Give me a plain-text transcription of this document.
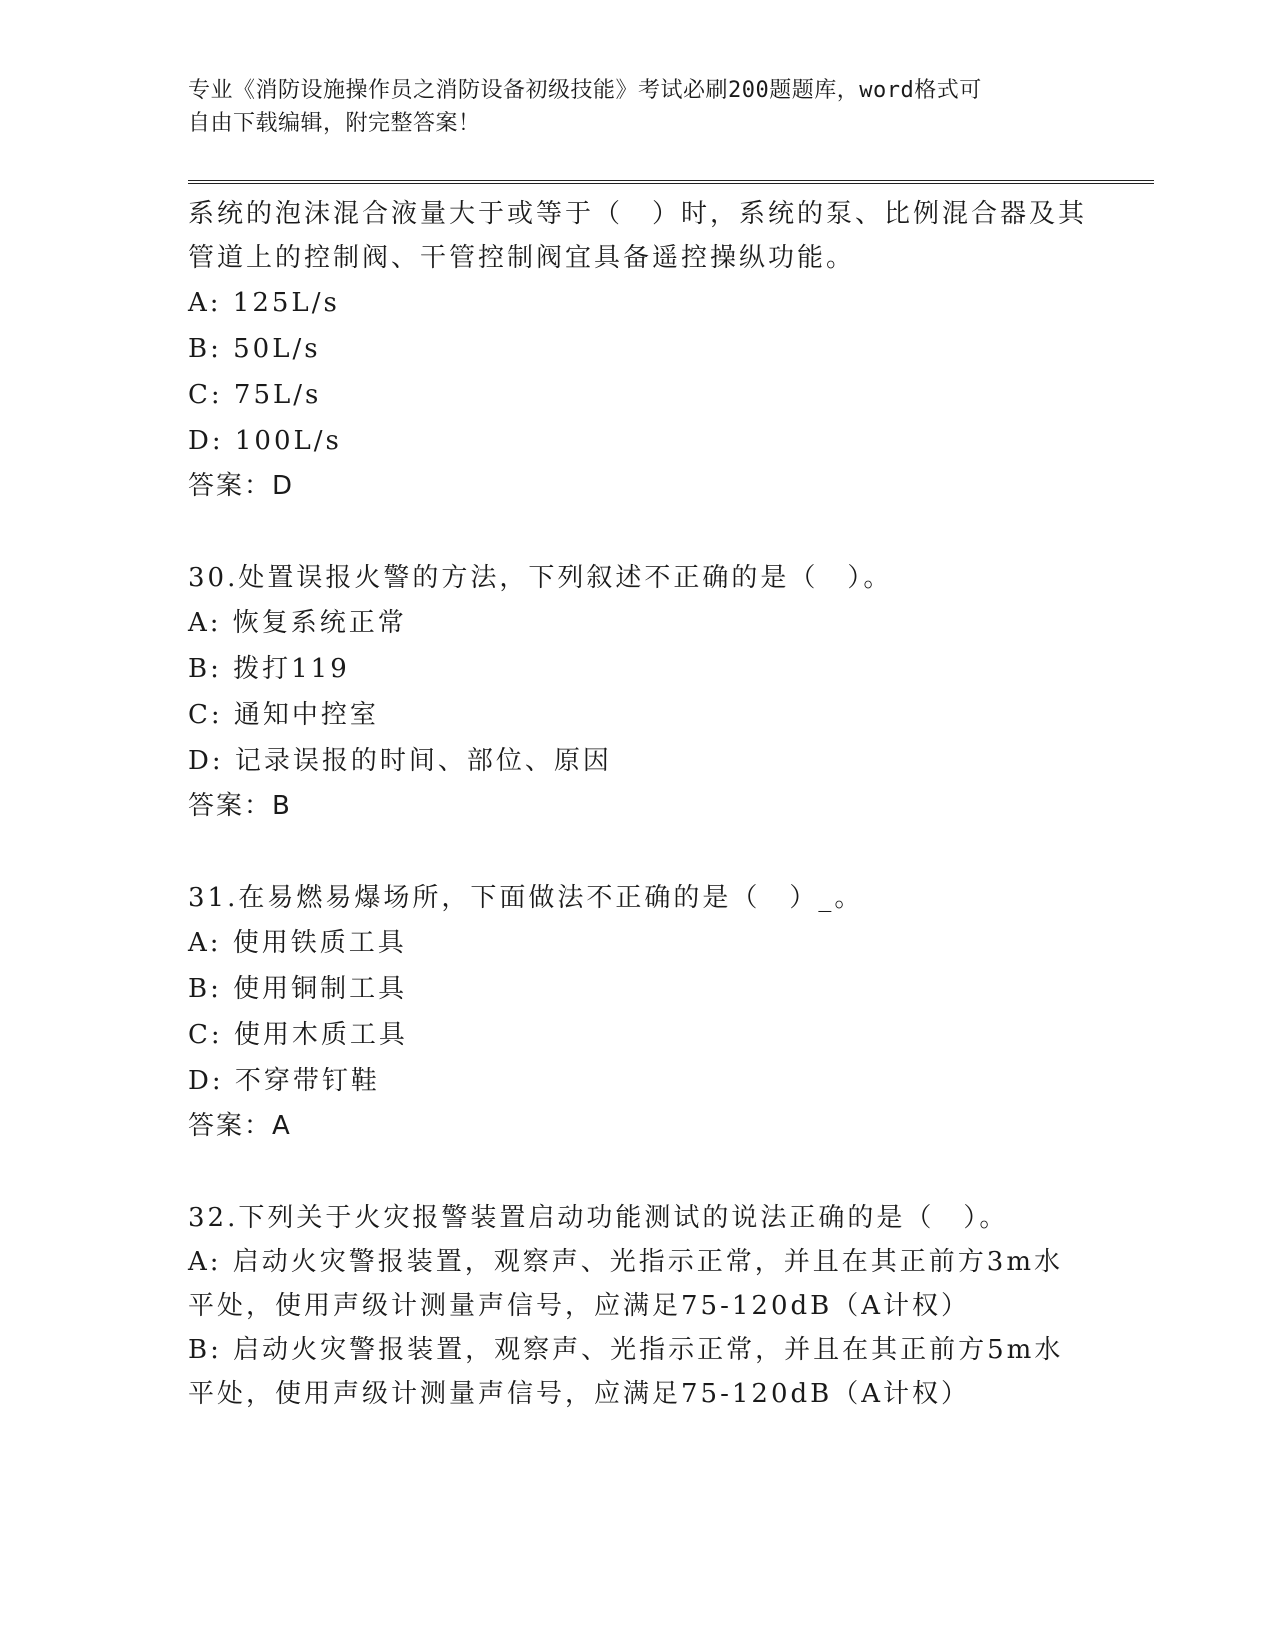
专业《消防设施操作员之消防设备初级技能》考试必刷200题题库，word格式可
自由下载编辑，附完整答案！

系统的泡沫混合液量大于或等于（　）时，系统的泵、比例混合器及其管道上的控制阀、干管控制阀宜具备遥控操纵功能。

A: 125L/s

B: 50L/s

C: 75L/s

D: 100L/s

答案：D

30.处置误报火警的方法，下列叙述不正确的是（　）。

A: 恢复系统正常

B: 拨打119

C: 通知中控室

D: 记录误报的时间、部位、原因

答案：B

31.在易燃易爆场所，下面做法不正确的是（　）_。

A: 使用铁质工具

B: 使用铜制工具

C: 使用木质工具

D: 不穿带钉鞋

答案：A

32.下列关于火灾报警装置启动功能测试的说法正确的是（　）。

A: 启动火灾警报装置，观察声、光指示正常，并且在其正前方3m水平处，使用声级计测量声信号，应满足75-120dB（A计权）

B: 启动火灾警报装置，观察声、光指示正常，并且在其正前方5m水平处，使用声级计测量声信号，应满足75-120dB（A计权）
